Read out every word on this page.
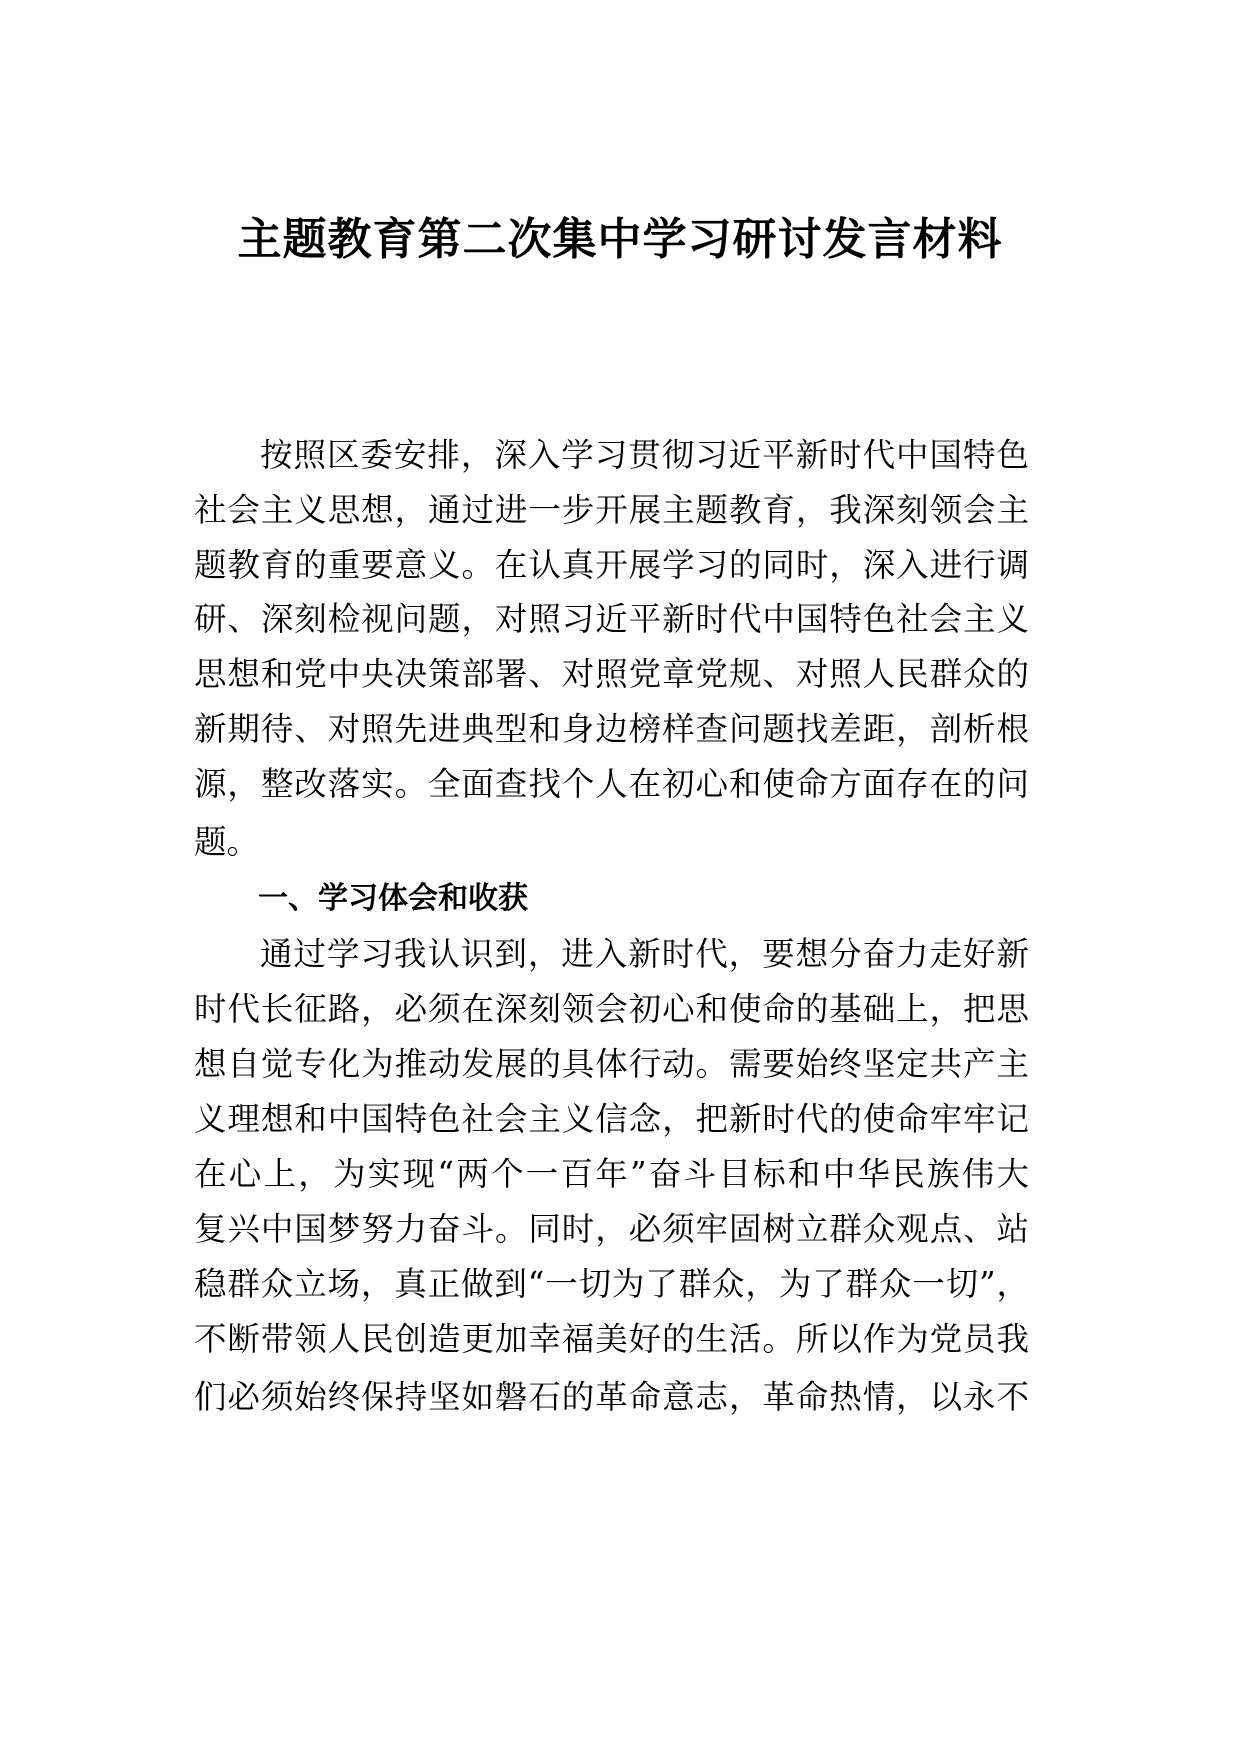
主题教育第二次集中学习研讨发言材料
按照区委安排，深入学习贯彻习近平新时代中国特色
社会主义思想，通过进一步开展主题教育，我深刻领会主
题教育的重要意义。在认真开展学习的同时，深入进行调
研、深刻检视问题，对照习近平新时代中国特色社会主义
思想和党中央决策部署、对照党章党规、对照人民群众的
新期待、对照先进典型和身边榜样查问题找差距，剖析根
源，整改落实。全面查找个人在初心和使命方面存在的问
题。
一、学习体会和收获
通过学习我认识到，进入新时代，要想分奋力走好新
时代长征路，必须在深刻领会初心和使命的基础上，把思
想自觉专化为推动发展的具体行动。需要始终坚定共产主
义理想和中国特色社会主义信念，把新时代的使命牢牢记
在心上，为实现“两个一百年”奋斗目标和中华民族伟大
复兴中国梦努力奋斗。同时，必须牢固树立群众观点、站
稳群众立场，真正做到“一切为了群众，为了群众一切”，
不断带领人民创造更加幸福美好的生活。所以作为党员我
们必须始终保持坚如磐石的革命意志，革命热情，以永不
